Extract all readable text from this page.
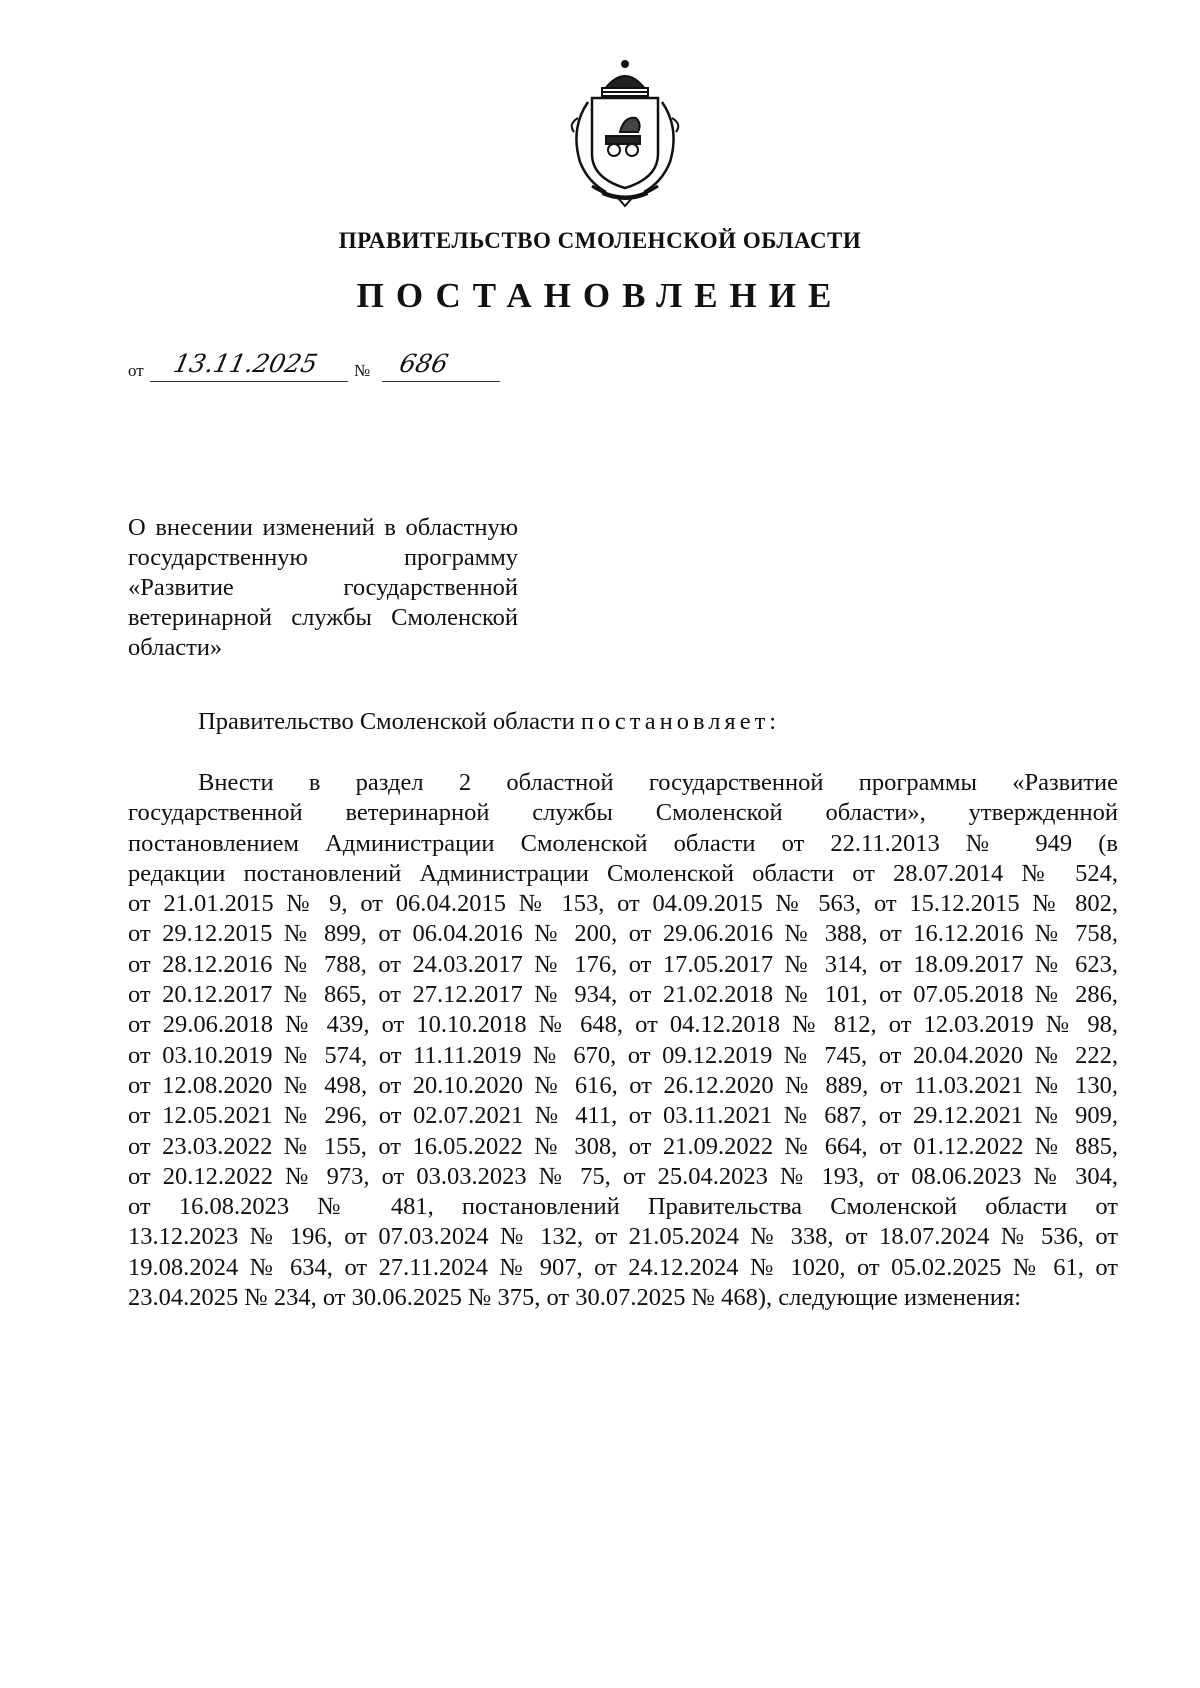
ПРАВИТЕЛЬСТВО СМОЛЕНСКОЙ ОБЛАСТИ
ПОСТАНОВЛЕНИЕ
от 13.11.2025 № 686
О внесении изменений в областную государственную программу «Развитие государственной ветеринарной службы Смоленской области»
Правительство Смоленской области постановляет:
Внести в раздел 2 областной государственной программы «Развитие
государственной ветеринарной службы Смоленской области», утвержденной
постановлением Администрации Смоленской области от 22.11.2013 № 949 (в
редакции постановлений Администрации Смоленской области от 28.07.2014 № 524,
от 21.01.2015 № 9, от 06.04.2015 № 153, от 04.09.2015 № 563, от 15.12.2015 № 802,
от 29.12.2015 № 899, от 06.04.2016 № 200, от 29.06.2016 № 388, от 16.12.2016 № 758,
от 28.12.2016 № 788, от 24.03.2017 № 176, от 17.05.2017 № 314, от 18.09.2017 № 623,
от 20.12.2017 № 865, от 27.12.2017 № 934, от 21.02.2018 № 101, от 07.05.2018 № 286,
от 29.06.2018 № 439, от 10.10.2018 № 648, от 04.12.2018 № 812, от 12.03.2019 № 98,
от 03.10.2019 № 574, от 11.11.2019 № 670, от 09.12.2019 № 745, от 20.04.2020 № 222,
от 12.08.2020 № 498, от 20.10.2020 № 616, от 26.12.2020 № 889, от 11.03.2021 № 130,
от 12.05.2021 № 296, от 02.07.2021 № 411, от 03.11.2021 № 687, от 29.12.2021 № 909,
от 23.03.2022 № 155, от 16.05.2022 № 308, от 21.09.2022 № 664, от 01.12.2022 № 885,
от 20.12.2022 № 973, от 03.03.2023 № 75, от 25.04.2023 № 193, от 08.06.2023 № 304,
от 16.08.2023 № 481, постановлений Правительства Смоленской области от
13.12.2023 № 196, от 07.03.2024 № 132, от 21.05.2024 № 338, от 18.07.2024 № 536, от
19.08.2024 № 634, от 27.11.2024 № 907, от 24.12.2024 № 1020, от 05.02.2025 № 61, от
23.04.2025 № 234, от 30.06.2025 № 375, от 30.07.2025 № 468), следующие изменения:
